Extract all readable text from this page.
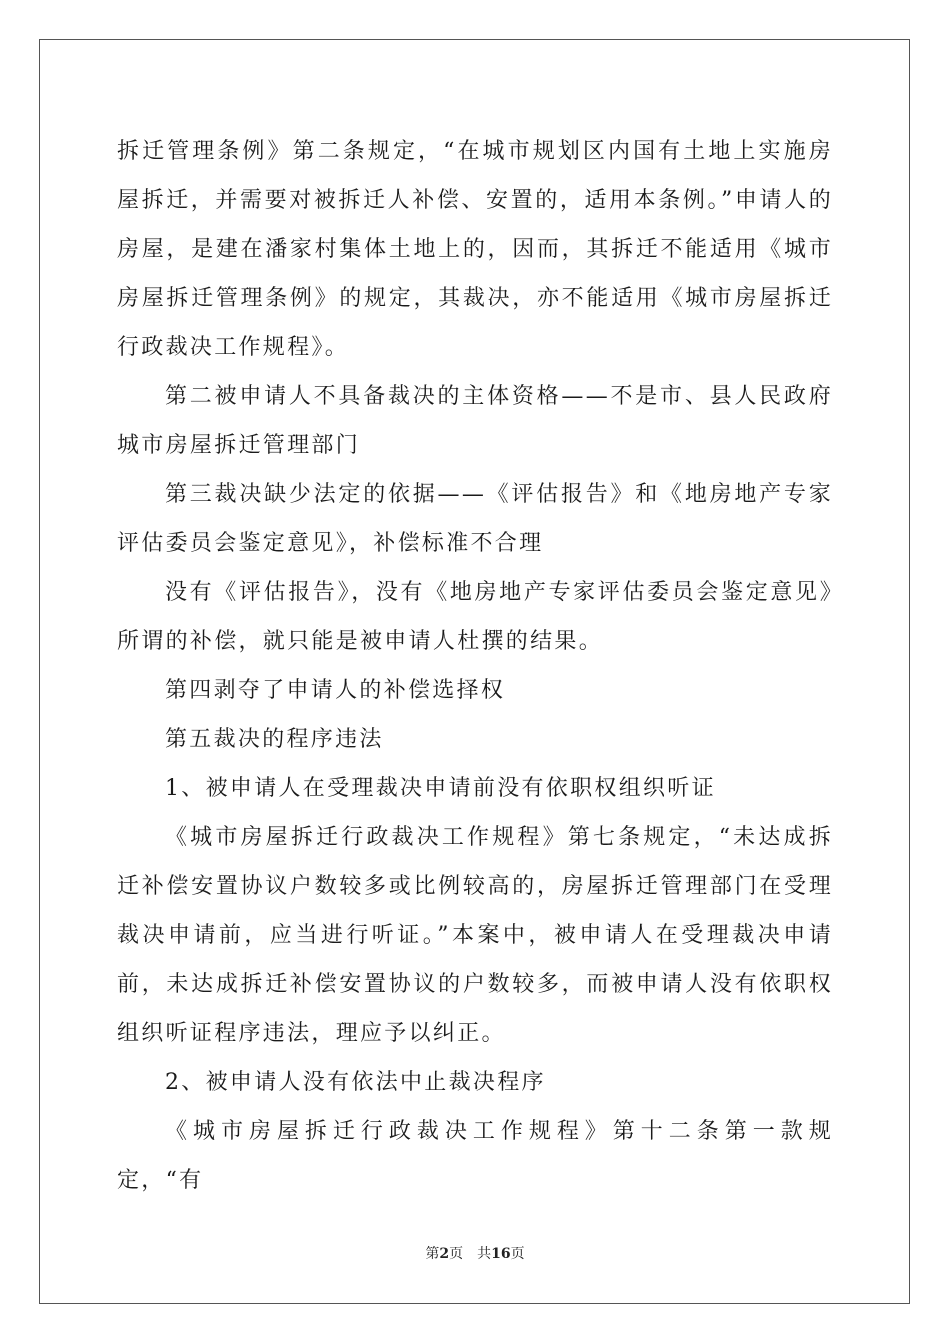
拆迁管理条例》第二条规定，“在城市规划区内国有土地上实施房屋拆迁，并需要对被拆迁人补偿、安置的，适用本条例。”申请人的房屋，是建在潘家村集体土地上的，因而，其拆迁不能适用《城市房屋拆迁管理条例》的规定，其裁决，亦不能适用《城市房屋拆迁行政裁决工作规程》。

第二被申请人不具备裁决的主体资格——不是市、县人民政府城市房屋拆迁管理部门

第三裁决缺少法定的依据——《评估报告》和《地房地产专家评估委员会鉴定意见》，补偿标准不合理

没有《评估报告》，没有《地房地产专家评估委员会鉴定意见》所谓的补偿，就只能是被申请人杜撰的结果。

第四剥夺了申请人的补偿选择权

第五裁决的程序违法

1、被申请人在受理裁决申请前没有依职权组织听证

《城市房屋拆迁行政裁决工作规程》第七条规定，“未达成拆迁补偿安置协议户数较多或比例较高的，房屋拆迁管理部门在受理裁决申请前，应当进行听证。”本案中，被申请人在受理裁决申请前，未达成拆迁补偿安置协议的户数较多，而被申请人没有依职权组织听证程序违法，理应予以纠正。

2、被申请人没有依法中止裁决程序

《城市房屋拆迁行政裁决工作规程》第十二条第一款规定，“有

第2页 共16页
